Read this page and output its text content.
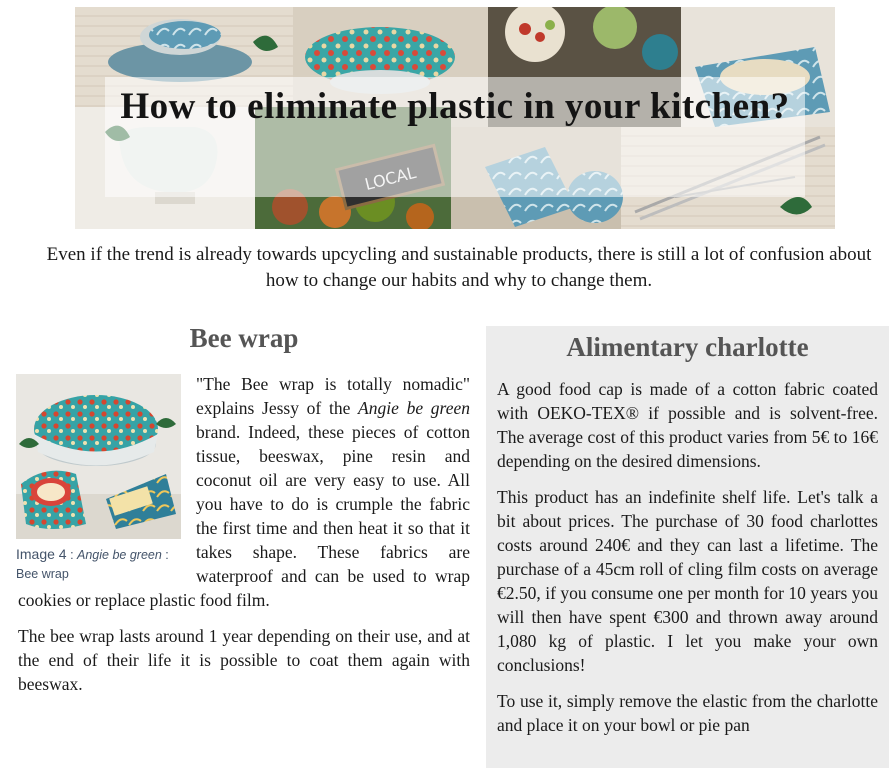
How to eliminate plastic in your kitchen?

Even if the trend is already towards upcycling and sustainable products, there is still a lot of confusion about how to change our habits and why to change them.

Bee wrap
Image 4 : Angie be green : Bee wrap

"The Bee wrap is totally nomadic" explains Jessy of the Angie be green brand. Indeed, these pieces of cotton tissue, beeswax, pine resin and coconut oil are very easy to use. All you have to do is crumple the fabric the first time and then heat it so that it takes shape. These fabrics are waterproof and can be used to wrap cookies or replace plastic food film.

The bee wrap lasts around 1 year depending on their use, and at the end of their life it is possible to coat them again with beeswax.

Alimentary charlotte

A good food cap is made of a cotton fabric coated with OEKO-TEX® if possible and is solvent-free. The average cost of this product varies from 5€ to 16€ depending on the desired dimensions.

This product has an indefinite shelf life. Let's talk a bit about prices. The purchase of 30 food charlottes costs around 240€ and they can last a lifetime. The purchase of a 45cm roll of cling film costs on average €2.50, if you consume one per month for 10 years you will then have spent €300 and thrown away around 1,080 kg of plastic. I let you make your own conclusions!

To use it, simply remove the elastic from the charlotte and place it on your bowl or pie pan
